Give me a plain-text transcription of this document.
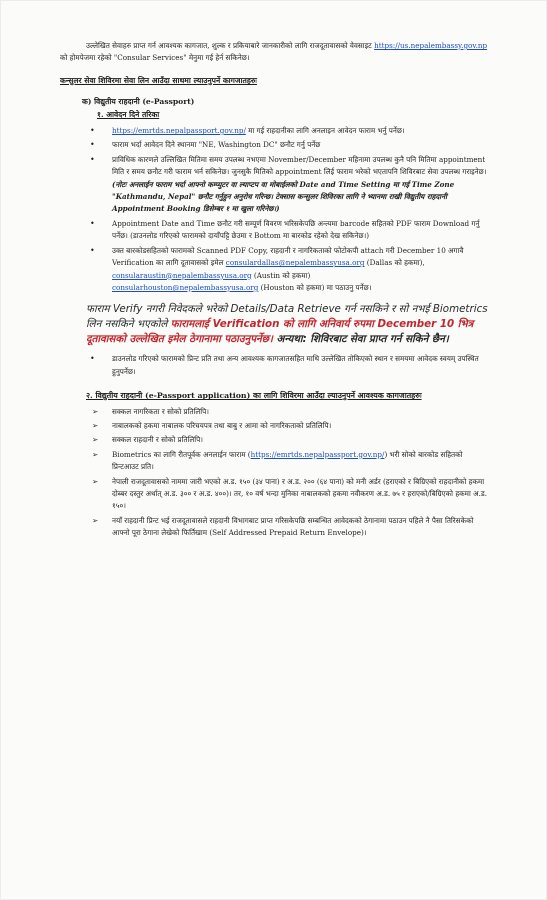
उल्लेखित सेवाहरु प्राप्त गर्न आवश्यक कागजात, शुल्क र प्रकियाबारे जानकारीको लागि राजदूतावासको वेवसाइट https://us.nepalembassy.gov.np को होमपेजमा रहेको "Consular Services" मेनुमा गई हेर्न सकिनेछ।

कन्सुलर सेवा शिविरमा सेवा लिन आउँदा साथमा ल्याउनुपर्ने कागजातहरुः

क) विद्युतीय राहदानी (e-Passport)

१. आवेदन दिने तरिका

• https://emrtds.nepalpassport.gov.np/ मा गई राहदानीका लागि अनलाइन आवेदन फाराम भर्नु पर्नेछ।
• फाराम भर्दा आवेदन दिने स्थानमा "NE, Washington DC" छनौट गर्नु पर्नेछ
• प्राविधिक कारणले उल्लिखित मितिमा समय उपलब्ध नभएमा November/December महिनामा उपलब्ध कुनै पनि मितिमा appointment मिति र समय छनौट गरी फाराम भर्न सकिनेछ। जुनसुकै मितिको appointment लिई फाराम भरेको भएतापनि शिविरबाट सेवा उपलब्ध गराइनेछ।
(नोटः अनलाईन फाराम भर्दा आफ्नो कम्प्युटर वा ल्याप्टप वा मोबाईलको Date and Time Setting मा गई Time Zone "Kathmandu, Nepal" छनौट गर्नुहुन अनुरोध गरिन्छ। टेक्सास कन्सुलर शिविरका लागि ने भ्यानमा राखी विद्युतीय राहदानी Appointment Booking डिसेम्बर १ मा खुला गरिनेछ।)
• Appointment Date and Time छनौट गरी सम्पूर्ण विवरण भरिसकेपछि अन्त्यमा barcode सहितको PDF फाराम Download गर्नु पर्नेछ। (डाउनलोड गरिएको फारामको दायाँपट्टि छेउमा र Bottom मा बारकोड रहेको देख सकिनेछ।)
• उक्त बारकोडसहितको फारामको Scanned PDF Copy, राहदानी र नागरिकताको फोटोकपी attach गरी December 10 अगावै Verification का लागि दूतावासको इमेल consulardallas@nepalembassyusa.org (Dallas को हकमा), consularaustin@nepalembassyusa.org (Austin को हकमा)
consularhouston@nepalembassyusa.org (Houston को हकमा) मा पठाउनु पर्नेछ।

फाराम Verify नगरी निवेदकले भरेको Details/Data Retrieve गर्न नसकिने र सो नभई Biometrics लिन नसकिने भएकोले फारामलाई Verification को लागि अनिवार्य रुपमा December 10 भित्र दूतावासको उल्लेखित इमेल ठेगानामा पठाउनुपर्नेछ। अन्यथा: शिविरबाट सेवा प्राप्त गर्न सकिने छैन।

• डाउनलोड गरिएको फारामको प्रिन्ट प्रति तथा अन्य आवश्यक कागजातसहित माथि उल्लेखित तोकिएको स्थान र समयमा आवेदक स्वयम् उपस्थित हुनुपर्नेछ।

२. विद्युतीय राहदानी (e-Passport application) का लागि शिविरमा आउँदा ल्याउनुपर्ने आवश्यक कागजातहरुः

➢ सक्कल नागरिकता र सोको प्रतिलिपि।
➢ नाबालकको हकमा नाबालक परिचयपत्र तथा बाबु र आमा को नागरिकताको प्रतिलिपि।
➢ सक्कल राहदानी र सोको प्रतिलिपि।
➢ Biometrics का लागि रीतपूर्वक अनलाईन फाराम (https://emrtds.nepalpassport.gov.np/) भरी सोको बारकोड सहितको प्रिन्टआउट प्रति।
➢ नेपाली राजदूतावासको नाममा जारी भएको अ.ड. १५० (३४ पाना) र अ.ड. २०० (६४ पाना) को मनी अर्डर (हराएको र बिग्रिएको राहदानीको हकमा दोब्बर दस्तुर अर्थात् अ.ड. ३०० र अ.ड. ४००)। तर, १० वर्ष भन्दा मुनिका नाबालकको हकमा नवीकरण अ.ड. ७५ र हराएको/बिग्रिएको हकमा अ.ड. १५०।
➢ नयाँ राहदानी प्रिन्ट भई राजदूतावासले राहदानी विभागबाट प्राप्त गरिसकेपछि सम्बन्धित आवेदकको ठेगानामा पठाउन पहिले नै पैसा तिरिसकेको आफ्नो पूरा ठेगाना लेखेको फिर्तिखाम (Self Addressed Prepaid Return Envelope)।
